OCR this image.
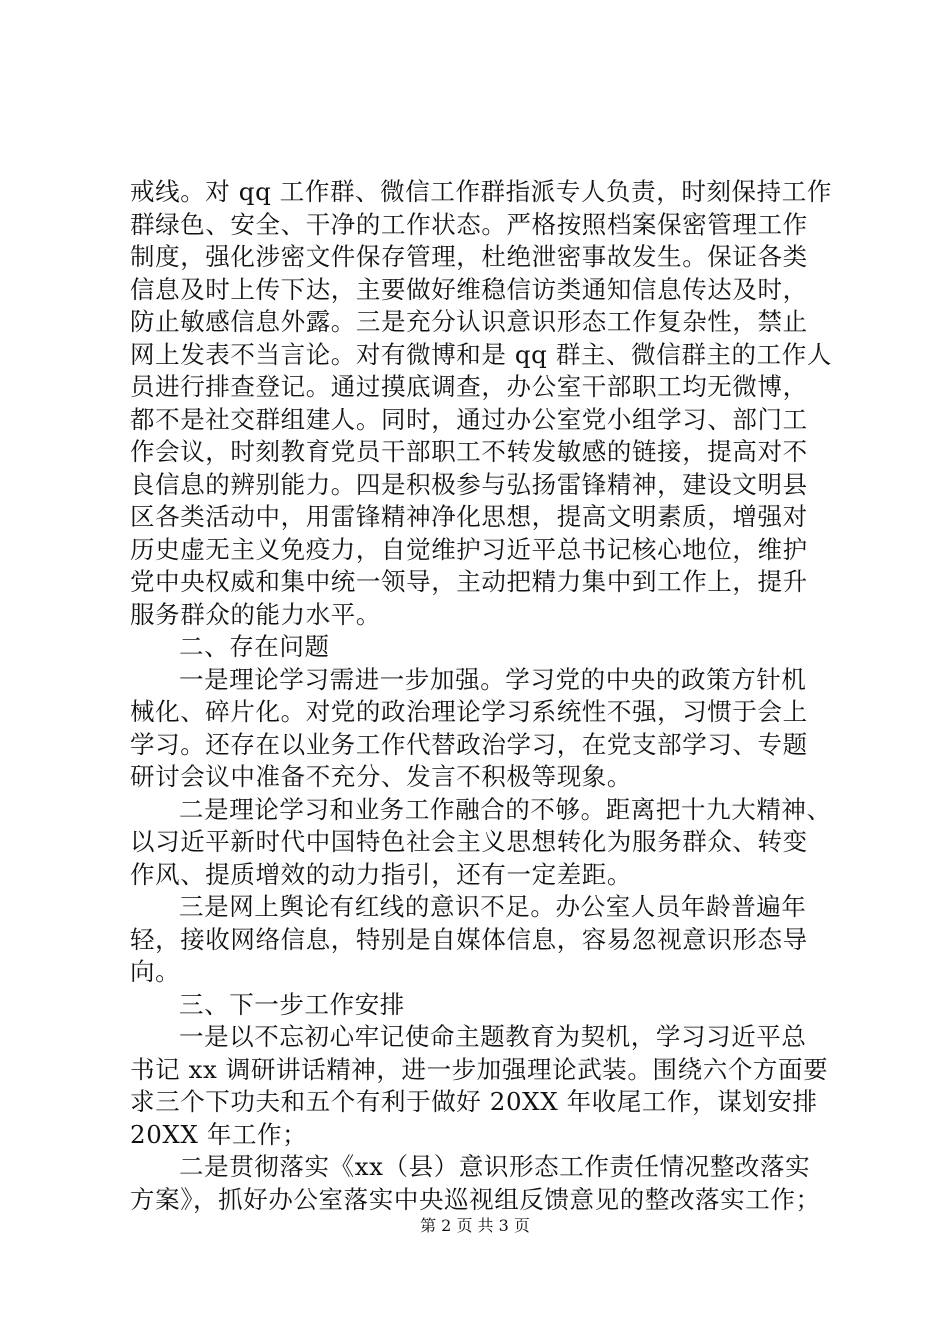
戒线。对 qq 工作群、微信工作群指派专人负责，时刻保持工作
群绿色、安全、干净的工作状态。严格按照档案保密管理工作
制度，强化涉密文件保存管理，杜绝泄密事故发生。保证各类
信息及时上传下达，主要做好维稳信访类通知信息传达及时，
防止敏感信息外露。三是充分认识意识形态工作复杂性，禁止
网上发表不当言论。对有微博和是 qq 群主、微信群主的工作人
员进行排查登记。通过摸底调查，办公室干部职工均无微博，
都不是社交群组建人。同时，通过办公室党小组学习、部门工
作会议，时刻教育党员干部职工不转发敏感的链接，提高对不
良信息的辨别能力。四是积极参与弘扬雷锋精神，建设文明县
区各类活动中，用雷锋精神净化思想，提高文明素质，增强对
历史虚无主义免疫力，自觉维护习近平总书记核心地位，维护
党中央权威和集中统一领导，主动把精力集中到工作上，提升
服务群众的能力水平。
二、存在问题
一是理论学习需进一步加强。学习党的中央的政策方针机
械化、碎片化。对党的政治理论学习系统性不强，习惯于会上
学习。还存在以业务工作代替政治学习，在党支部学习、专题
研讨会议中准备不充分、发言不积极等现象。
二是理论学习和业务工作融合的不够。距离把十九大精神、
以习近平新时代中国特色社会主义思想转化为服务群众、转变
作风、提质增效的动力指引，还有一定差距。
三是网上舆论有红线的意识不足。办公室人员年龄普遍年
轻，接收网络信息，特别是自媒体信息，容易忽视意识形态导
向。
三、下一步工作安排
一是以不忘初心牢记使命主题教育为契机，学习习近平总
书记 xx 调研讲话精神，进一步加强理论武装。围绕六个方面要
求三个下功夫和五个有利于做好 20XX 年收尾工作，谋划安排
20XX 年工作；
二是贯彻落实《xx（县）意识形态工作责任情况整改落实
方案》，抓好办公室落实中央巡视组反馈意见的整改落实工作；
第 2 页 共 3 页
